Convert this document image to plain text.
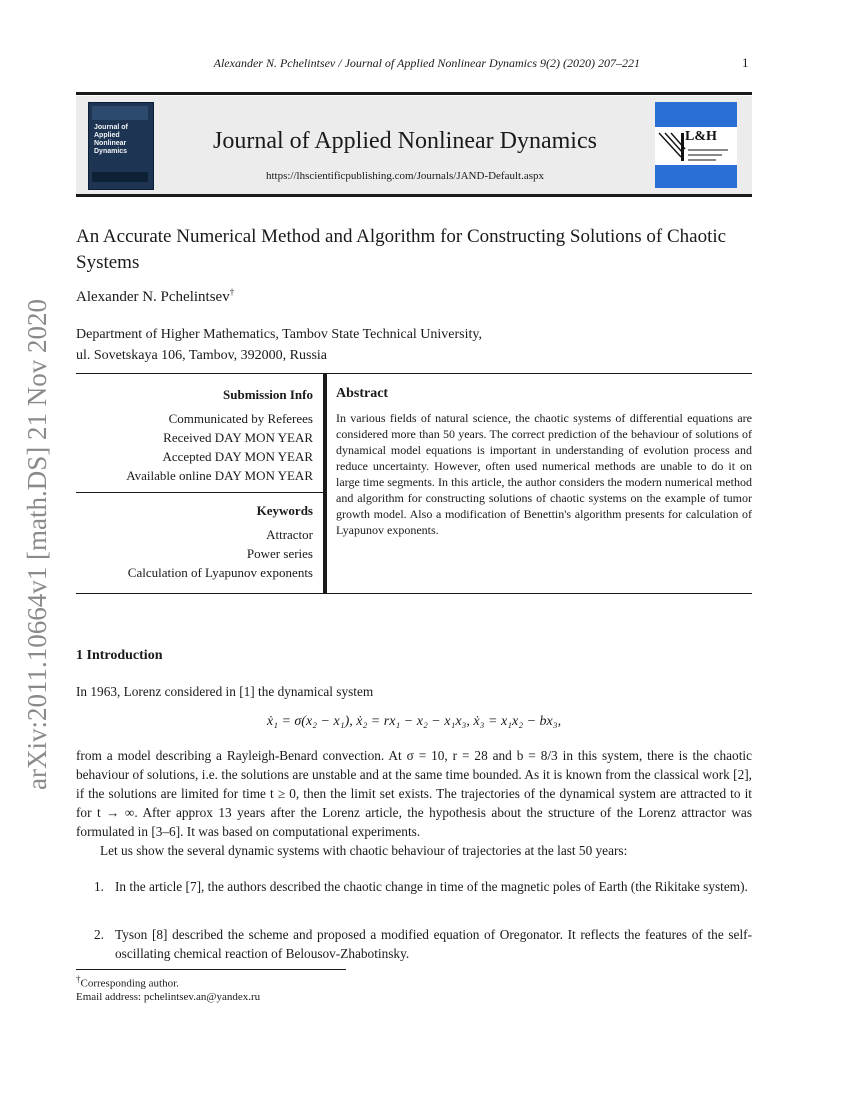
arXiv:2011.10664v1 [math.DS] 21 Nov 2020
Alexander N. Pchelintsev / Journal of Applied Nonlinear Dynamics 9(2) (2020) 207–221	1
Journal of Applied Nonlinear Dynamics	Journal of Applied Nonlinear Dynamics
https://lhscientificpublishing.com/Journals/JAND-Default.aspx
L&H
An Accurate Numerical Method and Algorithm for Constructing Solutions of Chaotic Systems
Alexander N. Pchelintsev†
Department of Higher Mathematics, Tambov State Technical University,
ul. Sovetskaya 106, Tambov, 392000, Russia
Submission Info
Communicated by Referees
Received DAY MON YEAR
Accepted DAY MON YEAR
Available online DAY MON YEAR
Keywords
Attractor
Power series
Calculation of Lyapunov exponents
Abstract
In various fields of natural science, the chaotic systems of differential equations are considered more than 50 years. The correct prediction of the behaviour of solutions of dynamical model equations is important in understanding of evolution process and reduce uncertainty. However, often used numerical methods are unable to do it on large time segments. In this article, the author considers the modern numerical method and algorithm for constructing solutions of chaotic systems on the example of tumor growth model. Also a modification of Benettin's algorithm presents for calculation of Lyapunov exponents.
1 Introduction
In 1963, Lorenz considered in [1] the dynamical system
ẋ₁ = σ(x₂ − x₁), ẋ₂ = rx₁ − x₂ − x₁x₃, ẋ₃ = x₁x₂ − bx₃,
from a model describing a Rayleigh-Benard convection. At σ = 10, r = 28 and b = 8/3 in this system, there is the chaotic behaviour of solutions, i.e. the solutions are unstable and at the same time bounded. As it is known from the classical work [2], if the solutions are limited for time t ≥ 0, then the limit set exists. The trajectories of the dynamical system are attracted to it for t → ∞. After approx 13 years after the Lorenz article, the hypothesis about the structure of the Lorenz attractor was formulated in [3–6]. It was based on computational experiments.
Let us show the several dynamic systems with chaotic behaviour of trajectories at the last 50 years:
1. In the article [7], the authors described the chaotic change in time of the magnetic poles of Earth (the Rikitake system).
2. Tyson [8] described the scheme and proposed a modified equation of Oregonator. It reflects the features of the self-oscillating chemical reaction of Belousov-Zhabotinsky.
†Corresponding author.
Email address: pchelintsev.an@yandex.ru
